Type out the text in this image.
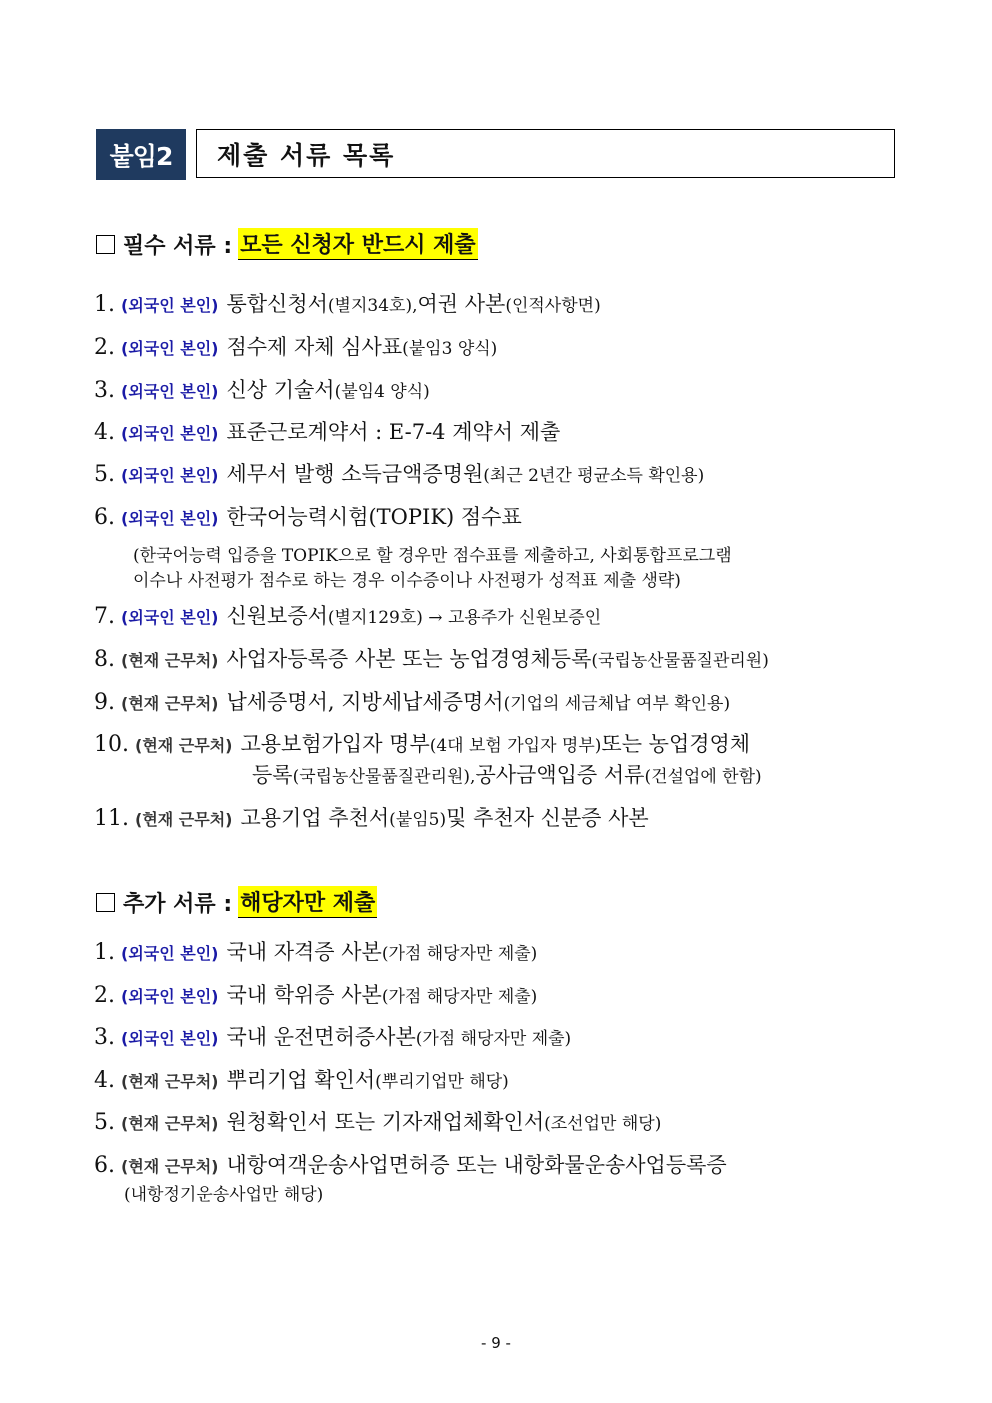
붙임2	제출 서류 목록
필수 서류 : 모든 신청자 반드시 제출
1. (외국인 본인) 통합신청서 (별지34호), 여권 사본 (인적사항면)
2. (외국인 본인) 점수제 자체 심사표 (붙임3 양식)
3. (외국인 본인) 신상 기술서 (붙임4 양식)
4. (외국인 본인) 표준근로계약서 : E-7-4 계약서 제출
5. (외국인 본인) 세무서 발행 소득금액증명원 (최근 2년간 평균소득 확인용)
6. (외국인 본인) 한국어능력시험(TOPIK) 점수표
7. (외국인 본인) 신원보증서 (별지129호) → 고용주가 신원보증인
8. (현재 근무처) 사업자등록증 사본 또는 농업경영체등록 (국립농산물품질관리원)
9. (현재 근무처) 납세증명서, 지방세납세증명서 (기업의 세금체납 여부 확인용)
10. (현재 근무처) 고용보험가입자 명부 (4대 보험 가입자 명부) 또는 농업경영체
11. (현재 근무처) 고용기업 추천서 (붙임5) 및 추천자 신분증 사본
(한국어능력 입증을 TOPIK으로 할 경우만 점수표를 제출하고, 사회통합프로그램
이수나 사전평가 점수로 하는 경우 이수증이나 사전평가 성적표 제출 생략)
등록 (국립농산물품질관리원), 공사금액입증 서류 (건설업에 한함)
추가 서류 : 해당자만 제출
1. (외국인 본인) 국내 자격증 사본 (가점 해당자만 제출)
2. (외국인 본인) 국내 학위증 사본 (가점 해당자만 제출)
3. (외국인 본인) 국내 운전면허증사본 (가점 해당자만 제출)
4. (현재 근무처) 뿌리기업 확인서 (뿌리기업만 해당)
5. (현재 근무처) 원청확인서 또는 기자재업체확인서 (조선업만 해당)
6. (현재 근무처) 내항여객운송사업면허증 또는 내항화물운송사업등록증
(내항정기운송사업만 해당)
- 9 -
